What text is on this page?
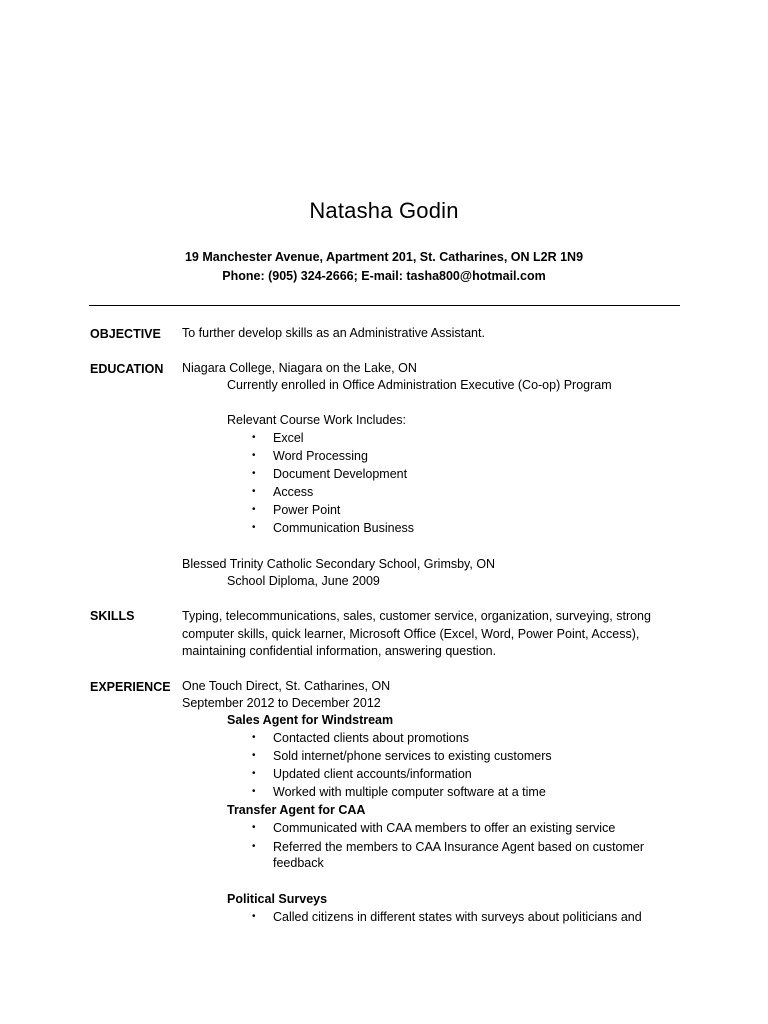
Natasha Godin
19 Manchester Avenue, Apartment 201, St. Catharines, ON L2R 1N9
Phone: (905) 324-2666; E-mail: tasha800@hotmail.com
OBJECTIVE To further develop skills as an Administrative Assistant.
EDUCATION Niagara College, Niagara on the Lake, ON
Currently enrolled in Office Administration Executive (Co-op) Program
Relevant Course Work Includes:
• Excel
• Word Processing
• Document Development
• Access
• Power Point
• Communication Business
Blessed Trinity Catholic Secondary School, Grimsby, ON
School Diploma, June 2009
SKILLS	Typing, telecommunications, sales, customer service, organization, surveying, strong
computer skills, quick learner, Microsoft Office (Excel, Word, Power Point, Access),
maintaining confidential information, answering question.
EXPERIENCE One Touch Direct, St. Catharines, ON
September 2012 to December 2012
Sales Agent for Windstream
• Contacted clients about promotions
• Sold internet/phone services to existing customers
• Updated client accounts/information
• Worked with multiple computer software at a time
Transfer Agent for CAA
• Communicated with CAA members to offer an existing service
• Referred the members to CAA Insurance Agent based on customer
feedback
Political Surveys
• Called citizens in different states with surveys about politicians and
